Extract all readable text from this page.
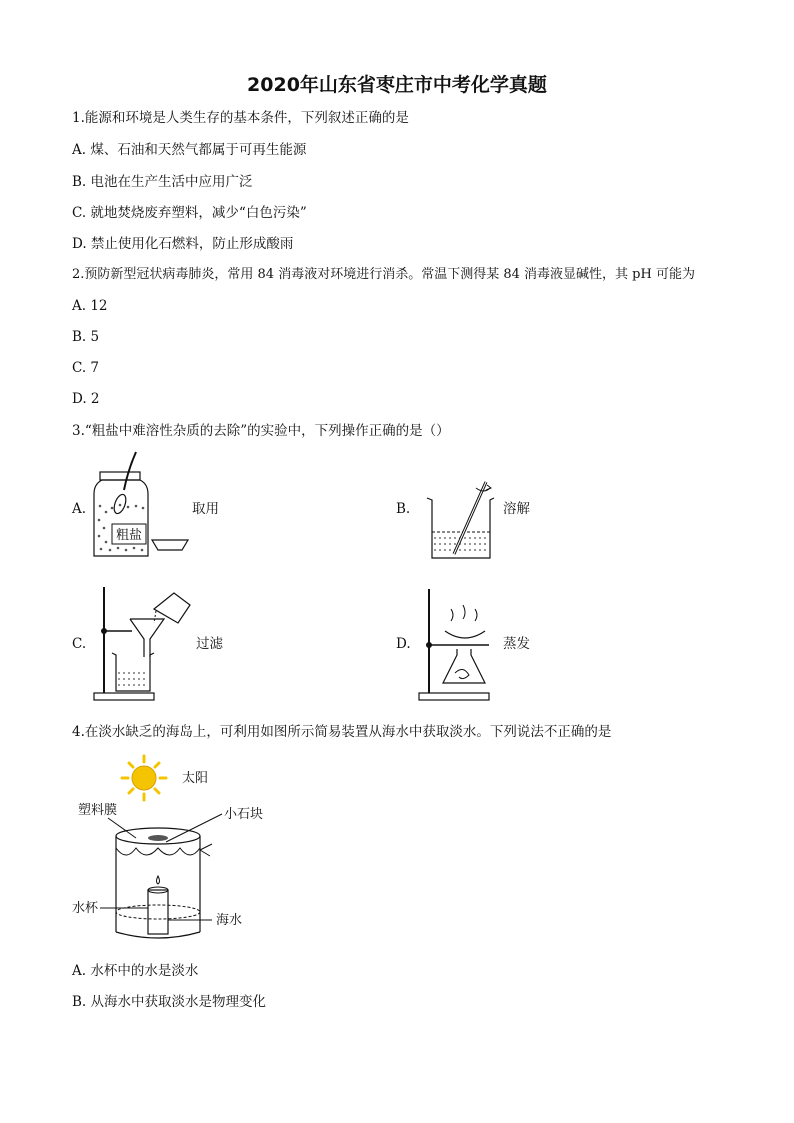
2020年山东省枣庄市中考化学真题
1.能源和环境是人类生存的基本条件，下列叙述正确的是
A. 煤、石油和天然气都属于可再生能源
B. 电池在生产生活中应用广泛
C. 就地焚烧废弃塑料，减少“白色污染”
D. 禁止使用化石燃料，防止形成酸雨
2.预防新型冠状病毒肺炎，常用 84 消毒液对环境进行消杀。常温下测得某 84 消毒液显碱性，其 pH 可能为
A. 12
B. 5
C. 7
D. 2
3.“粗盐中难溶性杂质的去除”的实验中，下列操作正确的是（）
A.	取用	B.	溶解
C.	过滤	D.	蒸发
粗盐
4.在淡水缺乏的海岛上，可利用如图所示简易装置从海水中获取淡水。下列说法不正确的是
太阳
塑料膜	小石块
水杯
海水
A. 水杯中的水是淡水
B. 从海水中获取淡水是物理变化
